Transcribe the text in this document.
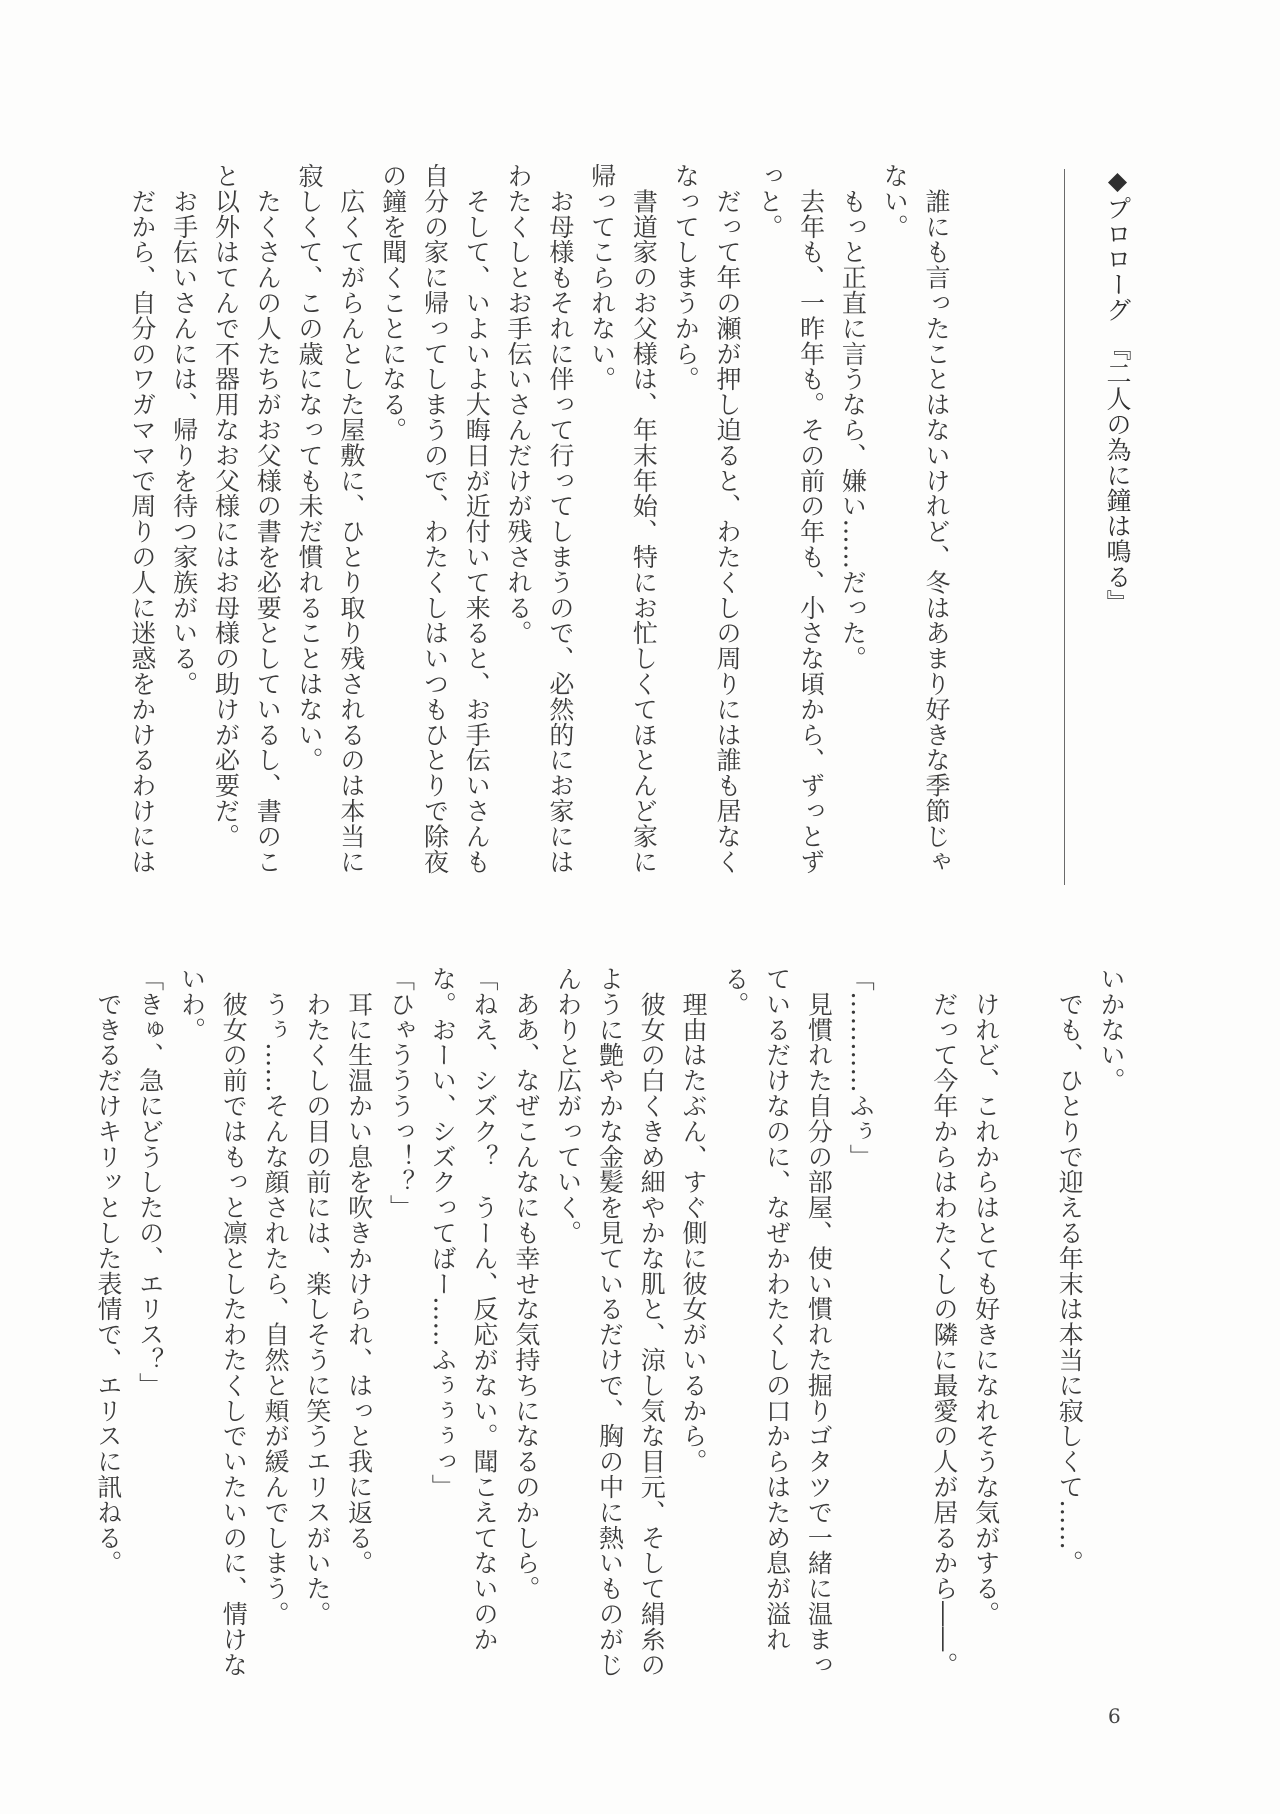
◆プロローグ　『二人の為に鐘は鳴る』

　誰にも言ったことはないけれど、冬はあまり好きな季節じゃない。

　もっと正直に言うなら、嫌い……だった。

　去年も、一昨年も。その前の年も、小さな頃から、ずっとずっと。

　だって年の瀬が押し迫ると、わたくしの周りには誰も居なくなってしまうから。

　書道家のお父様は、年末年始、特にお忙しくてほとんど家に帰ってこられない。

　お母様もそれに伴って行ってしまうので、必然的にお家にはわたくしとお手伝いさんだけが残される。

　そして、いよいよ大晦日が近付いて来ると、お手伝いさんも自分の家に帰ってしまうので、わたくしはいつもひとりで除夜の鐘を聞くことになる。

　広くてがらんとした屋敷に、ひとり取り残されるのは本当に寂しくて、この歳になっても未だ慣れることはない。

　たくさんの人たちがお父様の書を必要としているし、書のこと以外はてんで不器用なお父様にはお母様の助けが必要だ。

　お手伝いさんには、帰りを待つ家族がいる。

　だから、自分のワガママで周りの人に迷惑をかけるわけには

いかない。

　でも、ひとりで迎える年末は本当に寂しくて……。

　けれど、これからはとても好きになれそうな気がする。

　だって今年からはわたくしの隣に最愛の人が居るから――。

「…………ふぅ」

　見慣れた自分の部屋、使い慣れた掘りゴタツで一緒に温まっているだけなのに、なぜかわたくしの口からはため息が溢れる。

　理由はたぶん、すぐ側に彼女がいるから。

　彼女の白くきめ細やかな肌と、涼し気な目元、そして絹糸のように艶やかな金髪を見ているだけで、胸の中に熱いものがじんわりと広がっていく。

　ああ、なぜこんなにも幸せな気持ちになるのかしら。

「ねえ、シズク？　うーん、反応がない。聞こえてないのかな。おーい、シズクってばー……ふぅぅぅっ」

「ひゃうううっ！？」

　耳に生温かい息を吹きかけられ、はっと我に返る。

　わたくしの目の前には、楽しそうに笑うエリスがいた。

　うぅ……そんな顔されたら、自然と頬が緩んでしまう。

　彼女の前ではもっと凛としたわたくしでいたいのに、情けないわ。

「きゅ、急にどうしたの、エリス？」

　できるだけキリッとした表情で、エリスに訊ねる。

6
